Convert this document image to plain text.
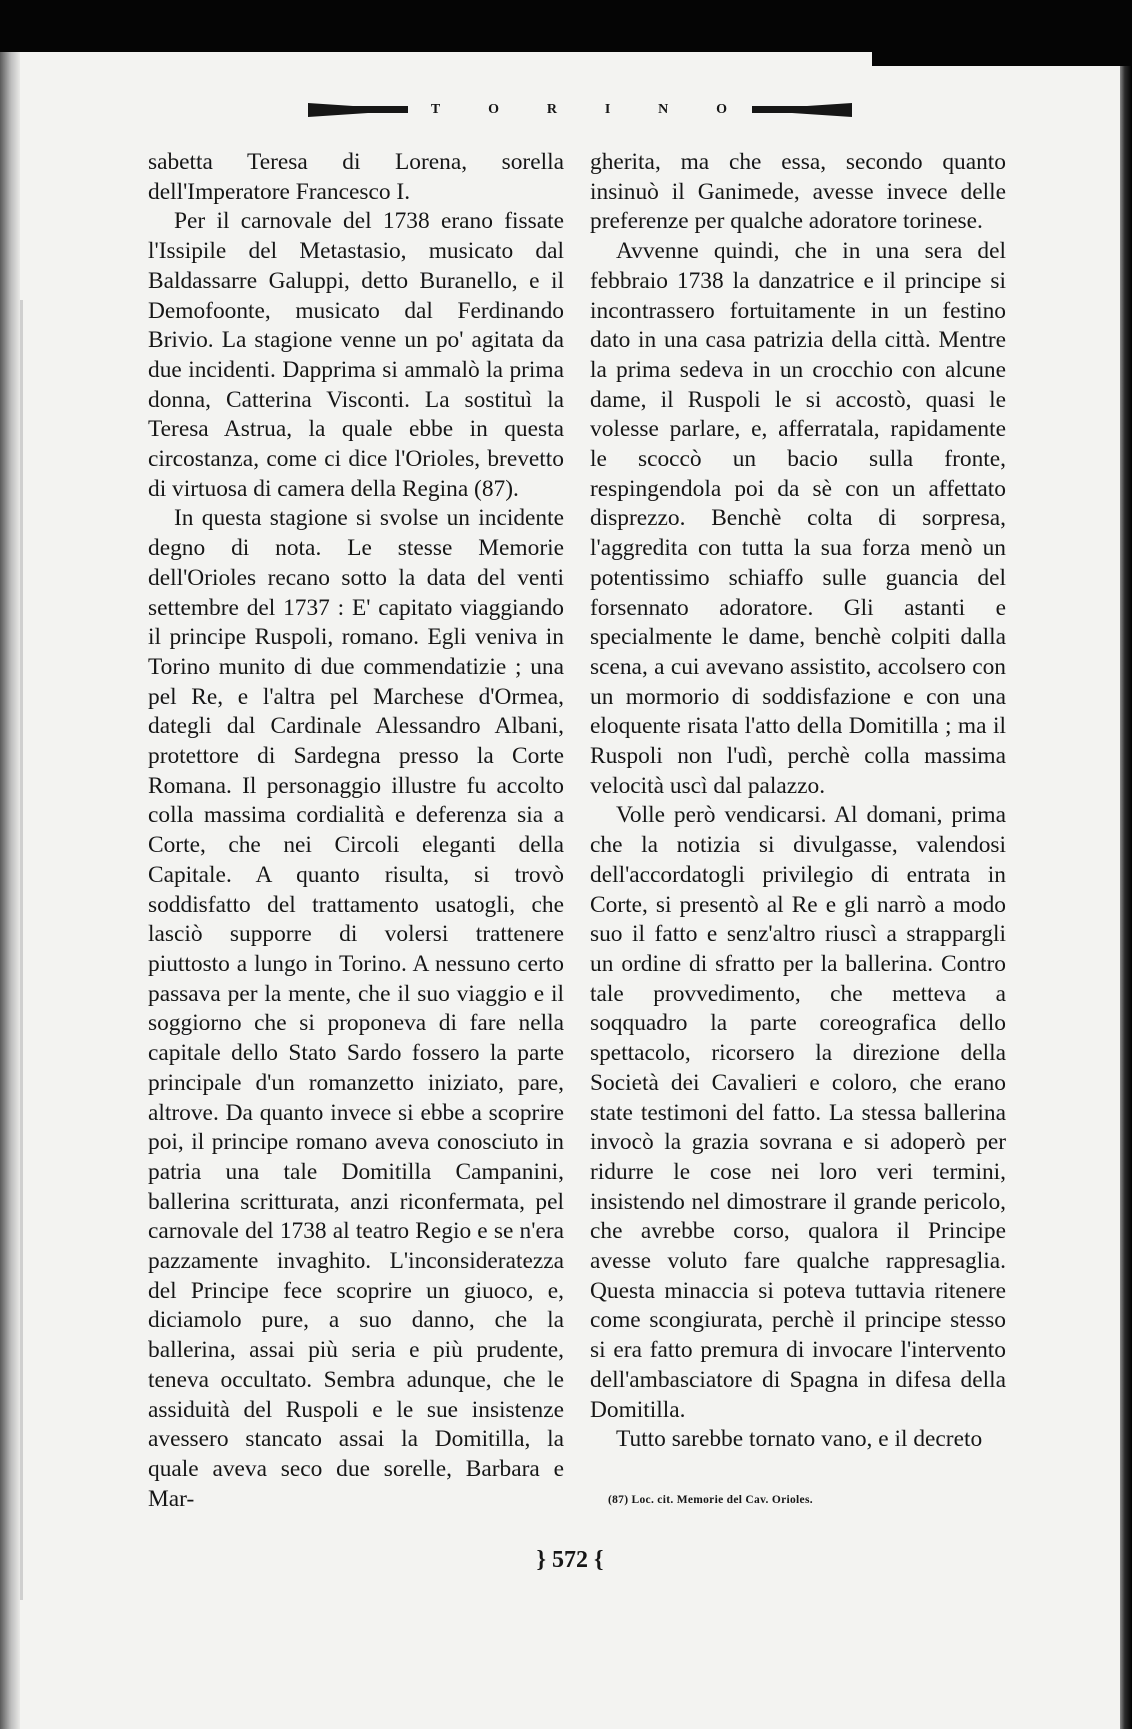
T	O	R	I	N	O

sabetta Teresa di Lorena, sorella dell'Imperatore Francesco I.

Per il carnovale del 1738 erano fissate l'Issipile del Metastasio, musicato dal Baldassarre Galuppi, detto Buranello, e il Demofoonte, musicato dal Ferdinando Brivio. La stagione venne un po' agitata da due incidenti. Dapprima si ammalò la prima donna, Catterina Visconti. La sostituì la Teresa Astrua, la quale ebbe in questa circostanza, come ci dice l'Orioles, brevetto di virtuosa di camera della Regina (87).

In questa stagione si svolse un incidente degno di nota. Le stesse Memorie dell'Orioles recano sotto la data del venti settembre del 1737 : E' capitato viaggiando il principe Ruspoli, romano. Egli veniva in Torino munito di due commendatizie ; una pel Re, e l'altra pel Marchese d'Ormea, dategli dal Cardinale Alessandro Albani, protettore di Sardegna presso la Corte Romana. Il personaggio illustre fu accolto colla massima cordialità e deferenza sia a Corte, che nei Circoli eleganti della Capitale. A quanto risulta, si trovò soddisfatto del trattamento usatogli, che lasciò supporre di volersi trattenere piuttosto a lungo in Torino. A nessuno certo passava per la mente, che il suo viaggio e il soggiorno che si proponeva di fare nella capitale dello Stato Sardo fossero la parte principale d'un romanzetto iniziato, pare, altrove. Da quanto invece si ebbe a scoprire poi, il principe romano aveva conosciuto in patria una tale Domitilla Campanini, ballerina scritturata, anzi riconfermata, pel carnovale del 1738 al teatro Regio e se n'era pazzamente invaghito. L'inconsideratezza del Principe fece scoprire un giuoco, e, diciamolo pure, a suo danno, che la ballerina, assai più seria e più prudente, teneva occultato. Sembra adunque, che le assiduità del Ruspoli e le sue insistenze avessero stancato assai la Domitilla, la quale aveva seco due sorelle, Barbara e Mar-

gherita, ma che essa, secondo quanto insinuò il Ganimede, avesse invece delle preferenze per qualche adoratore torinese.

Avvenne quindi, che in una sera del febbraio 1738 la danzatrice e il principe si incontrassero fortuitamente in un festino dato in una casa patrizia della città. Mentre la prima sedeva in un crocchio con alcune dame, il Ruspoli le si accostò, quasi le volesse parlare, e, afferratala, rapidamente le scoccò un bacio sulla fronte, respingendola poi da sè con un affettato disprezzo. Benchè colta di sorpresa, l'aggredita con tutta la sua forza menò un potentissimo schiaffo sulle guancia del forsennato adoratore. Gli astanti e specialmente le dame, benchè colpiti dalla scena, a cui avevano assistito, accolsero con un mormorio di soddisfazione e con una eloquente risata l'atto della Domitilla ; ma il Ruspoli non l'udì, perchè colla massima velocità uscì dal palazzo.

Volle però vendicarsi. Al domani, prima che la notizia si divulgasse, valendosi dell'accordatogli privilegio di entrata in Corte, si presentò al Re e gli narrò a modo suo il fatto e senz'altro riuscì a strappargli un ordine di sfratto per la ballerina. Contro tale provvedimento, che metteva a soqquadro la parte coreografica dello spettacolo, ricorsero la direzione della Società dei Cavalieri e coloro, che erano state testimoni del fatto. La stessa ballerina invocò la grazia sovrana e si adoperò per ridurre le cose nei loro veri termini, insistendo nel dimostrare il grande pericolo, che avrebbe corso, qualora il Principe avesse voluto fare qualche rappresaglia. Questa minaccia si poteva tuttavia ritenere come scongiurata, perchè il principe stesso si era fatto premura di invocare l'intervento dell'ambasciatore di Spagna in difesa della Domitilla.

Tutto sarebbe tornato vano, e il decreto

(87) Loc. cit. Memorie del Cav. Orioles.
} 572 {
